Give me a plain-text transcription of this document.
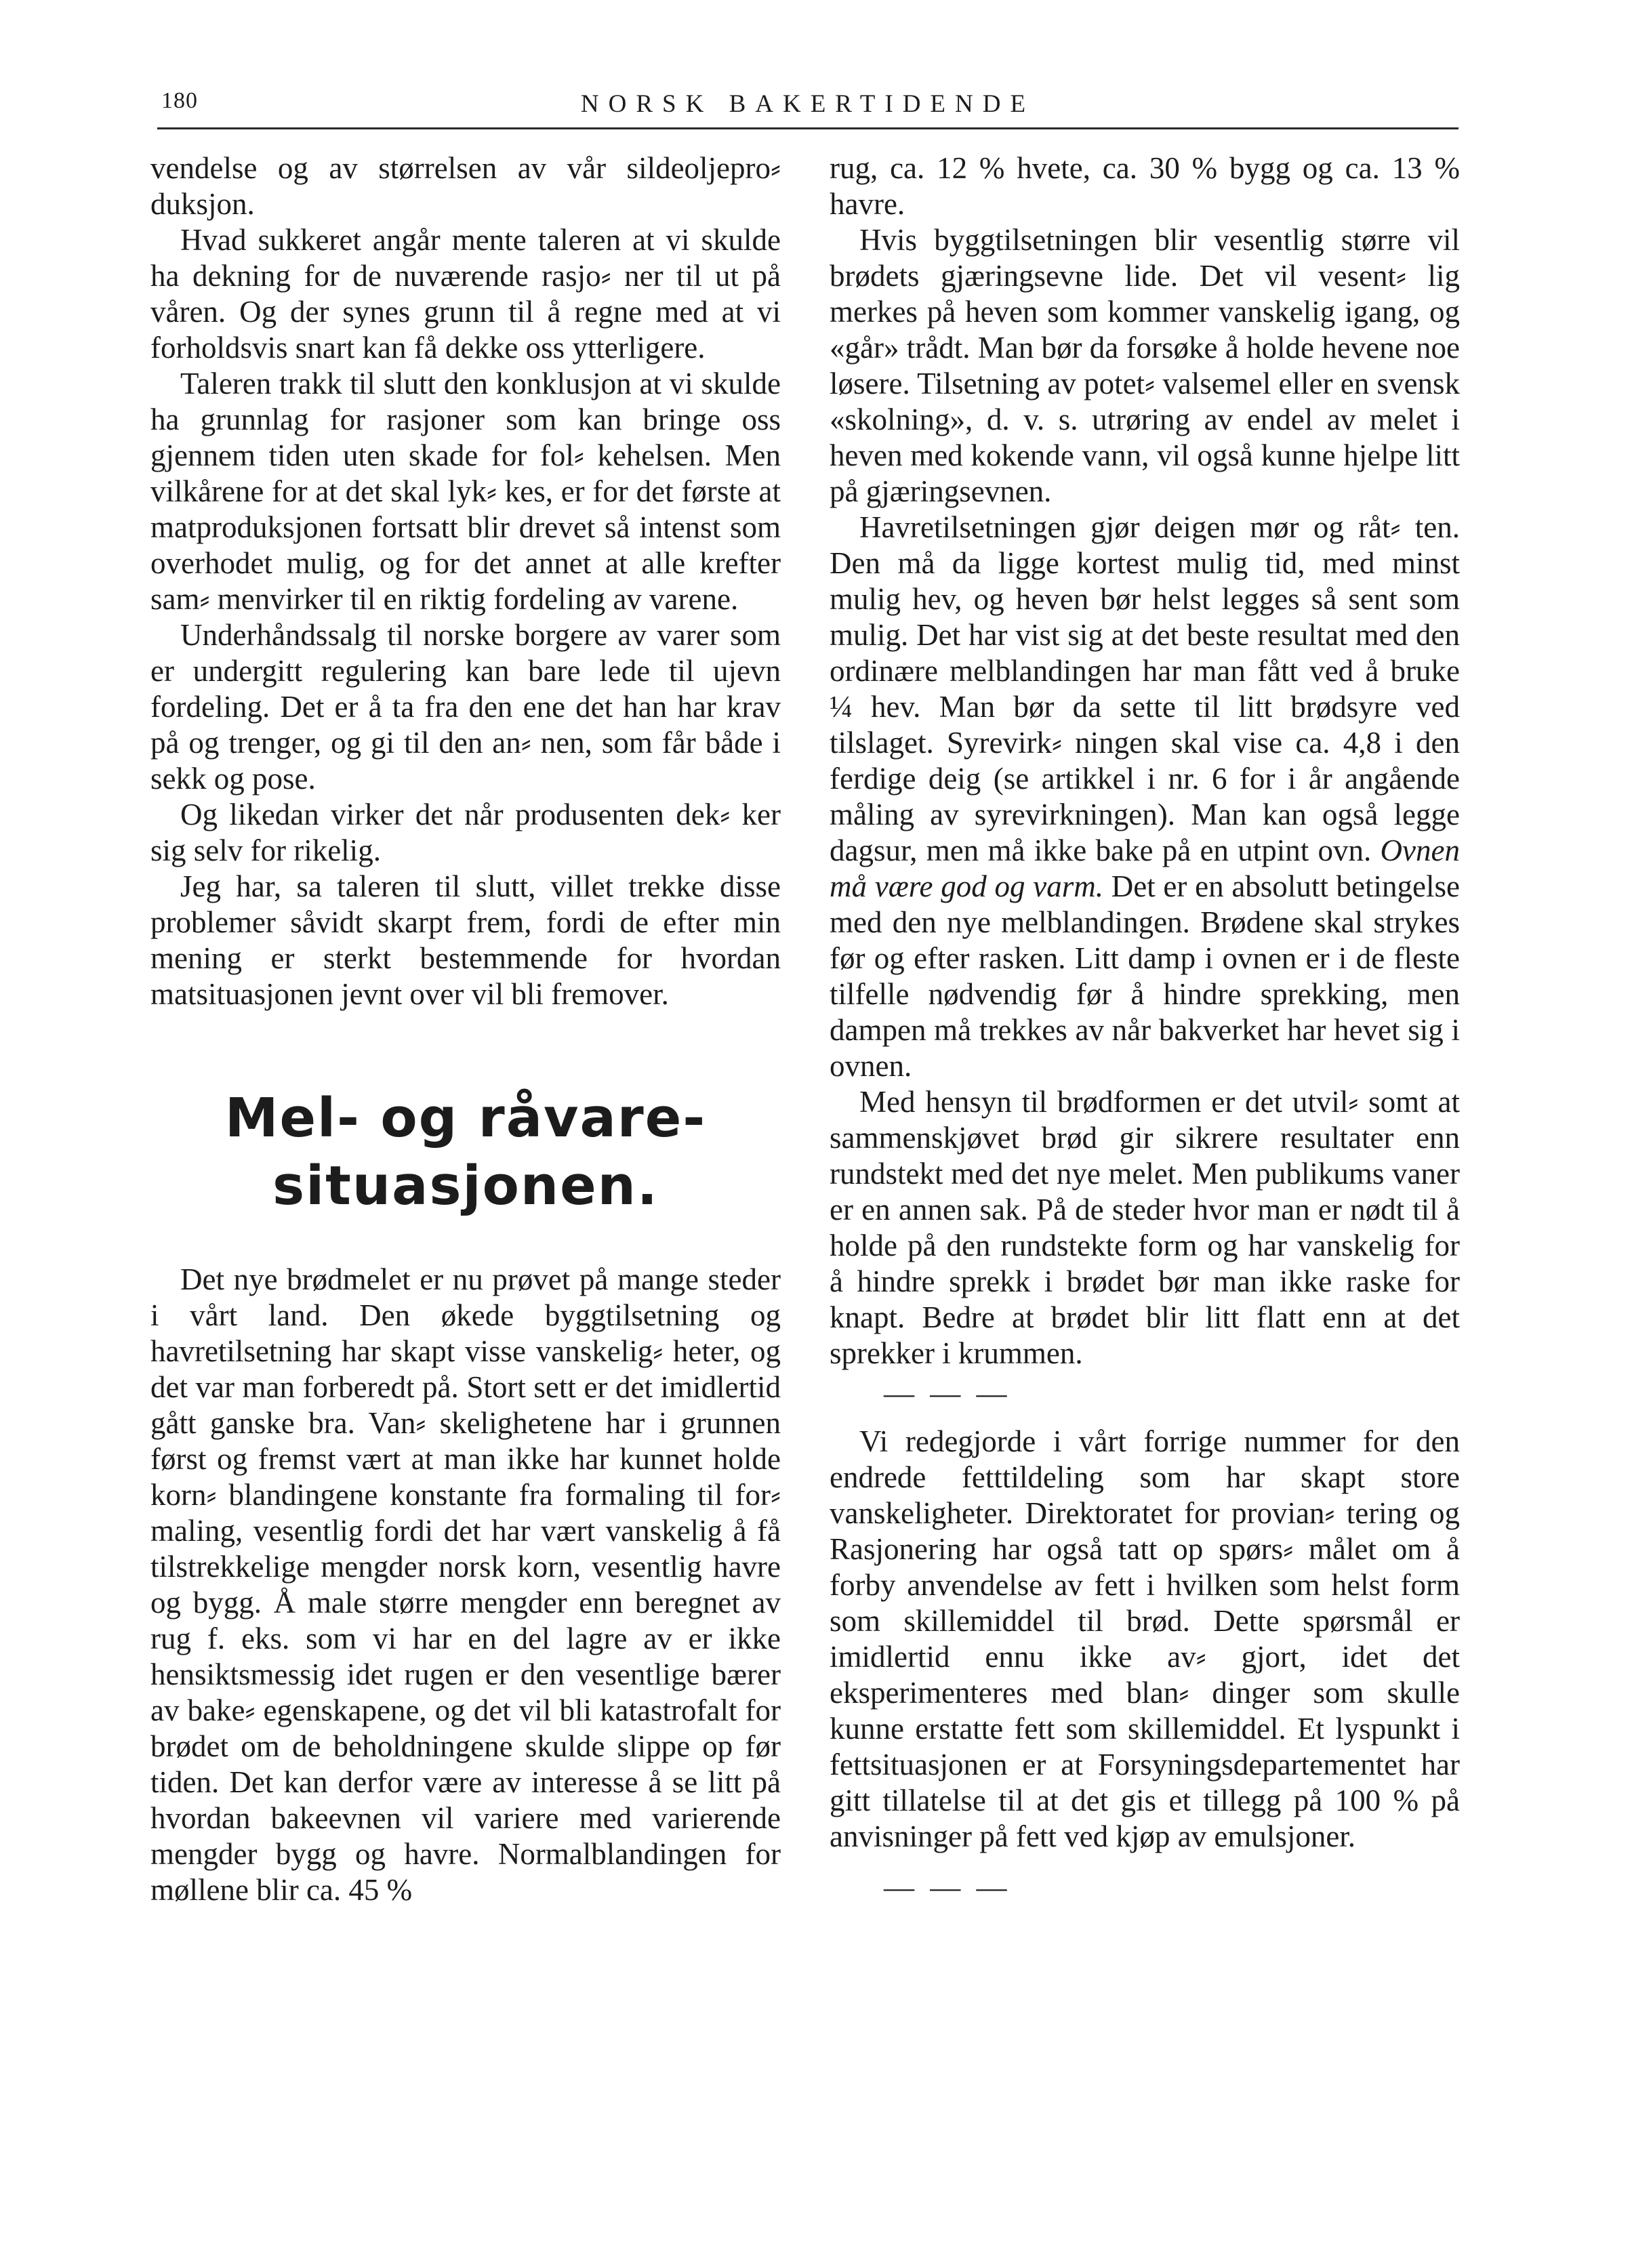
180	NORSK BAKERTIDENDE

vendelse og av størrelsen av vår sildeoljepro⸗ duksjon.

Hvad sukkeret angår mente taleren at vi skulde ha dekning for de nuværende rasjo⸗ ner til ut på våren. Og der synes grunn til å regne med at vi forholdsvis snart kan få dekke oss ytterligere.

Taleren trakk til slutt den konklusjon at vi skulde ha grunnlag for rasjoner som kan bringe oss gjennem tiden uten skade for fol⸗ kehelsen. Men vilkårene for at det skal lyk⸗ kes, er for det første at matproduksjonen fortsatt blir drevet så intenst som overhodet mulig, og for det annet at alle krefter sam⸗ menvirker til en riktig fordeling av varene.

Underhåndssalg til norske borgere av varer som er undergitt regulering kan bare lede til ujevn fordeling. Det er å ta fra den ene det han har krav på og trenger, og gi til den an⸗ nen, som får både i sekk og pose.

Og likedan virker det når produsenten dek⸗ ker sig selv for rikelig.

Jeg har, sa taleren til slutt, villet trekke disse problemer såvidt skarpt frem, fordi de efter min mening er sterkt bestemmende for hvordan matsituasjonen jevnt over vil bli fremover.

Mel- og råvare-
situasjonen.

Det nye brødmelet er nu prøvet på mange steder i vårt land. Den økede byggtilsetning og havretilsetning har skapt visse vanskelig⸗ heter, og det var man forberedt på. Stort sett er det imidlertid gått ganske bra. Van⸗ skelighetene har i grunnen først og fremst vært at man ikke har kunnet holde korn⸗ blandingene konstante fra formaling til for⸗ maling, vesentlig fordi det har vært vanskelig å få tilstrekkelige mengder norsk korn, vesentlig havre og bygg. Å male større mengder enn beregnet av rug f. eks. som vi har en del lagre av er ikke hensiktsmessig idet rugen er den vesentlige bærer av bake⸗ egenskapene, og det vil bli katastrofalt for brødet om de beholdningene skulde slippe op før tiden. Det kan derfor være av interesse å se litt på hvordan bakeevnen vil variere med varierende mengder bygg og havre. Normalblandingen for møllene blir ca. 45 %

rug, ca. 12 % hvete, ca. 30 % bygg og ca. 13 % havre.

Hvis byggtilsetningen blir vesentlig større vil brødets gjæringsevne lide. Det vil vesent⸗ lig merkes på heven som kommer vanskelig igang, og «går» trådt. Man bør da forsøke å holde hevene noe løsere. Tilsetning av potet⸗ valsemel eller en svensk «skolning», d. v. s. utrøring av endel av melet i heven med kokende vann, vil også kunne hjelpe litt på gjæringsevnen.

Havretilsetningen gjør deigen mør og råt⸗ ten. Den må da ligge kortest mulig tid, med minst mulig hev, og heven bør helst legges så sent som mulig. Det har vist sig at det beste resultat med den ordinære melblandingen har man fått ved å bruke ¼ hev. Man bør da sette til litt brødsyre ved tilslaget. Syrevirk⸗ ningen skal vise ca. 4,8 i den ferdige deig (se artikkel i nr. 6 for i år angående måling av syrevirkningen). Man kan også legge dagsur, men må ikke bake på en utpint ovn. Ovnen må være god og varm. Det er en absolutt betingelse med den nye melblandingen. Brødene skal strykes før og efter rasken. Litt damp i ovnen er i de fleste tilfelle nødvendig før å hindre sprekking, men dampen må trekkes av når bakverket har hevet sig i ovnen.

Med hensyn til brødformen er det utvil⸗ somt at sammenskjøvet brød gir sikrere resultater enn rundstekt med det nye melet. Men publikums vaner er en annen sak. På de steder hvor man er nødt til å holde på den rundstekte form og har vanskelig for å hindre sprekk i brødet bør man ikke raske for knapt. Bedre at brødet blir litt flatt enn at det sprekker i krummen.

— — —

Vi redegjorde i vårt forrige nummer for den endrede fetttildeling som har skapt store vanskeligheter. Direktoratet for provian⸗ tering og Rasjonering har også tatt op spørs⸗ målet om å forby anvendelse av fett i hvilken som helst form som skillemiddel til brød. Dette spørsmål er imidlertid ennu ikke av⸗ gjort, idet det eksperimenteres med blan⸗ dinger som skulle kunne erstatte fett som skillemiddel. Et lyspunkt i fettsituasjonen er at Forsyningsdepartementet har gitt tillatelse til at det gis et tillegg på 100 % på anvisninger på fett ved kjøp av emulsjoner.

— — —
